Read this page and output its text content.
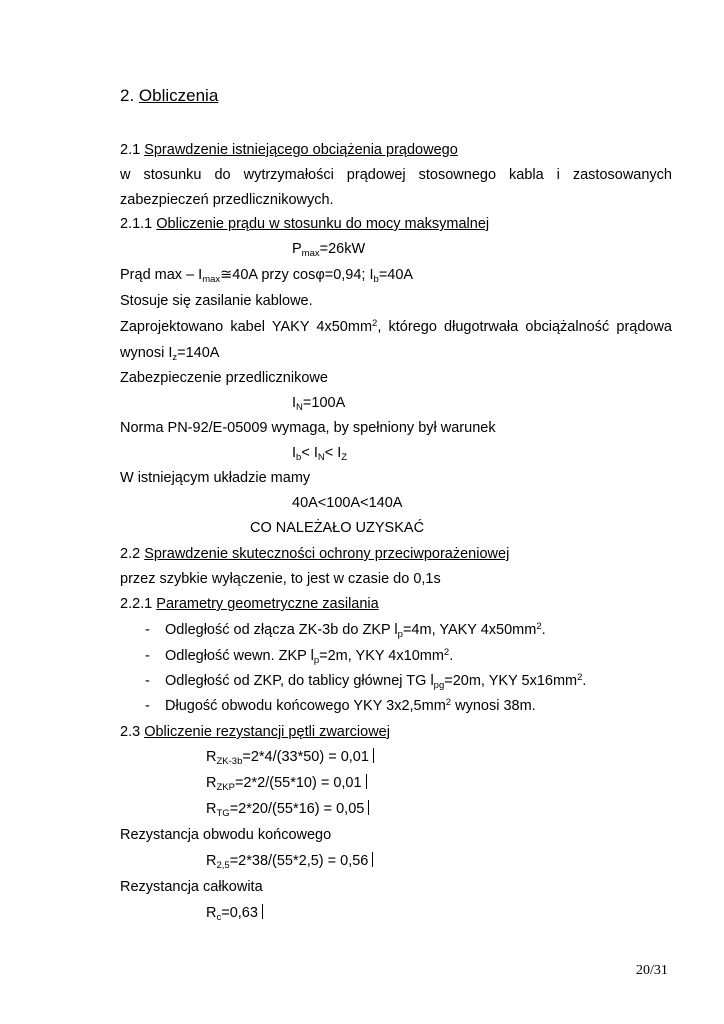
2. Obliczenia
2.1 Sprawdzenie istniejącego obciążenia prądowego
w stosunku do wytrzymałości prądowej stosownego kabla i zastosowanych
zabezpieczeń przedlicznikowych.
2.1.1 Obliczenie prądu w stosunku do mocy maksymalnej
$P_{max}=26kW$
Prąd max – $I_{max}≅40A$ przy cosφ=0,94; $I_b=40A$
Stosuje się zasilanie kablowe.
Zaprojektowano kabel YAKY $4x50mm^2$, którego długotrwała obciążalność prądowa
wynosi $I_z=140A$
Zabezpieczenie przedlicznikowe
$I_N=100A$
Norma PN-92/E-05009 wymaga, by spełniony był warunek
$I_b< I_N< I_Z$
W istniejącym układzie mamy
40A<100A<140A
CO NALEŻAŁO UZYSKAĆ
2.2 Sprawdzenie skuteczności ochrony przeciwporażeniowej
przez szybkie wyłączenie, to jest w czasie do 0,1s
2.2.1 Parametry geometryczne zasilania
- Odległość od złącza ZK-3b do ZKP $l_p=4m$, YAKY $4x50mm^2$.
- Odległość wewn. ZKP $l_p=2m$, YKY $4x10mm^2$.
- Odległość od ZKP, do tablicy głównej TG $l_{pg}=20m$, YKY $5x16mm^2$.
- Długość obwodu końcowego YKY $3x2,5mm^2$ wynosi 38m.
2.3 Obliczenie rezystancji pętli zwarciowej
$R_{ZK-3b}=2*4/(33*50) = 0,01$
$R_{ZKP}=2*2/(55*10) = 0,01$
$R_{TG}=2*20/(55*16) = 0,05$
Rezystancja obwodu końcowego
$R_{2,5}=2*38/(55*2,5) = 0,56$
Rezystancja całkowita
$R_c=0,63$
20/31
